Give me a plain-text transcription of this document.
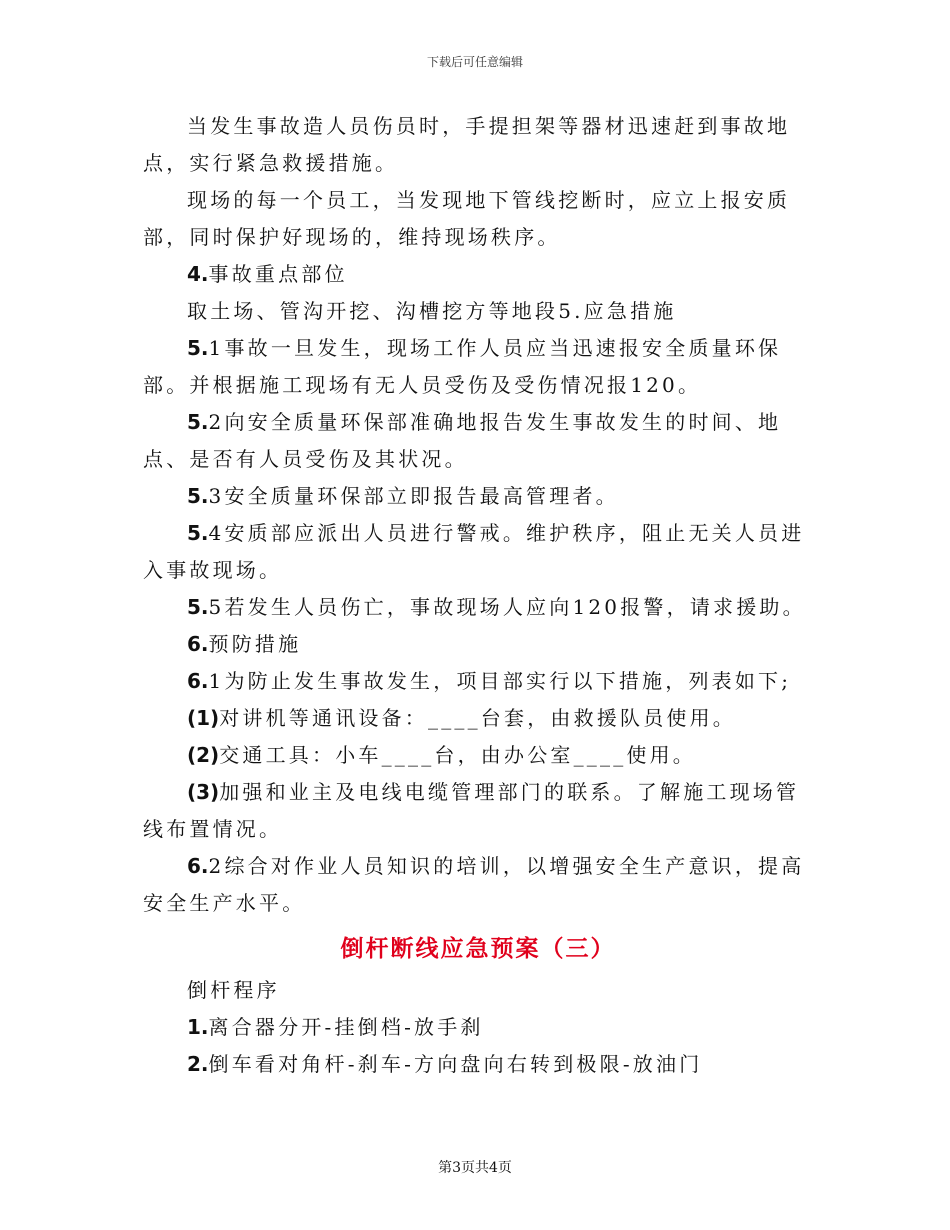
下载后可任意编辑

当发生事故造人员伤员时，手提担架等器材迅速赶到事故地点，实行紧急救援措施。

现场的每一个员工，当发现地下管线挖断时，应立上报安质部，同时保护好现场的，维持现场秩序。

4.事故重点部位

取土场、管沟开挖、沟槽挖方等地段5.应急措施

5.1事故一旦发生，现场工作人员应当迅速报安全质量环保部。并根据施工现场有无人员受伤及受伤情况报120。

5.2向安全质量环保部准确地报告发生事故发生的时间、地点、是否有人员受伤及其状况。

5.3安全质量环保部立即报告最高管理者。

5.4安质部应派出人员进行警戒。维护秩序，阻止无关人员进入事故现场。

5.5若发生人员伤亡，事故现场人应向120报警，请求援助。

6.预防措施

6.1为防止发生事故发生，项目部实行以下措施，列表如下;

(1)对讲机等通讯设备：____台套，由救援队员使用。

(2)交通工具：小车____台，由办公室____使用。

(3)加强和业主及电线电缆管理部门的联系。了解施工现场管线布置情况。

6.2综合对作业人员知识的培训，以增强安全生产意识，提高安全生产水平。

倒杆断线应急预案（三）

倒杆程序

1.离合器分开-挂倒档-放手刹

2.倒车看对角杆-刹车-方向盘向右转到极限-放油门

第3页共4页
